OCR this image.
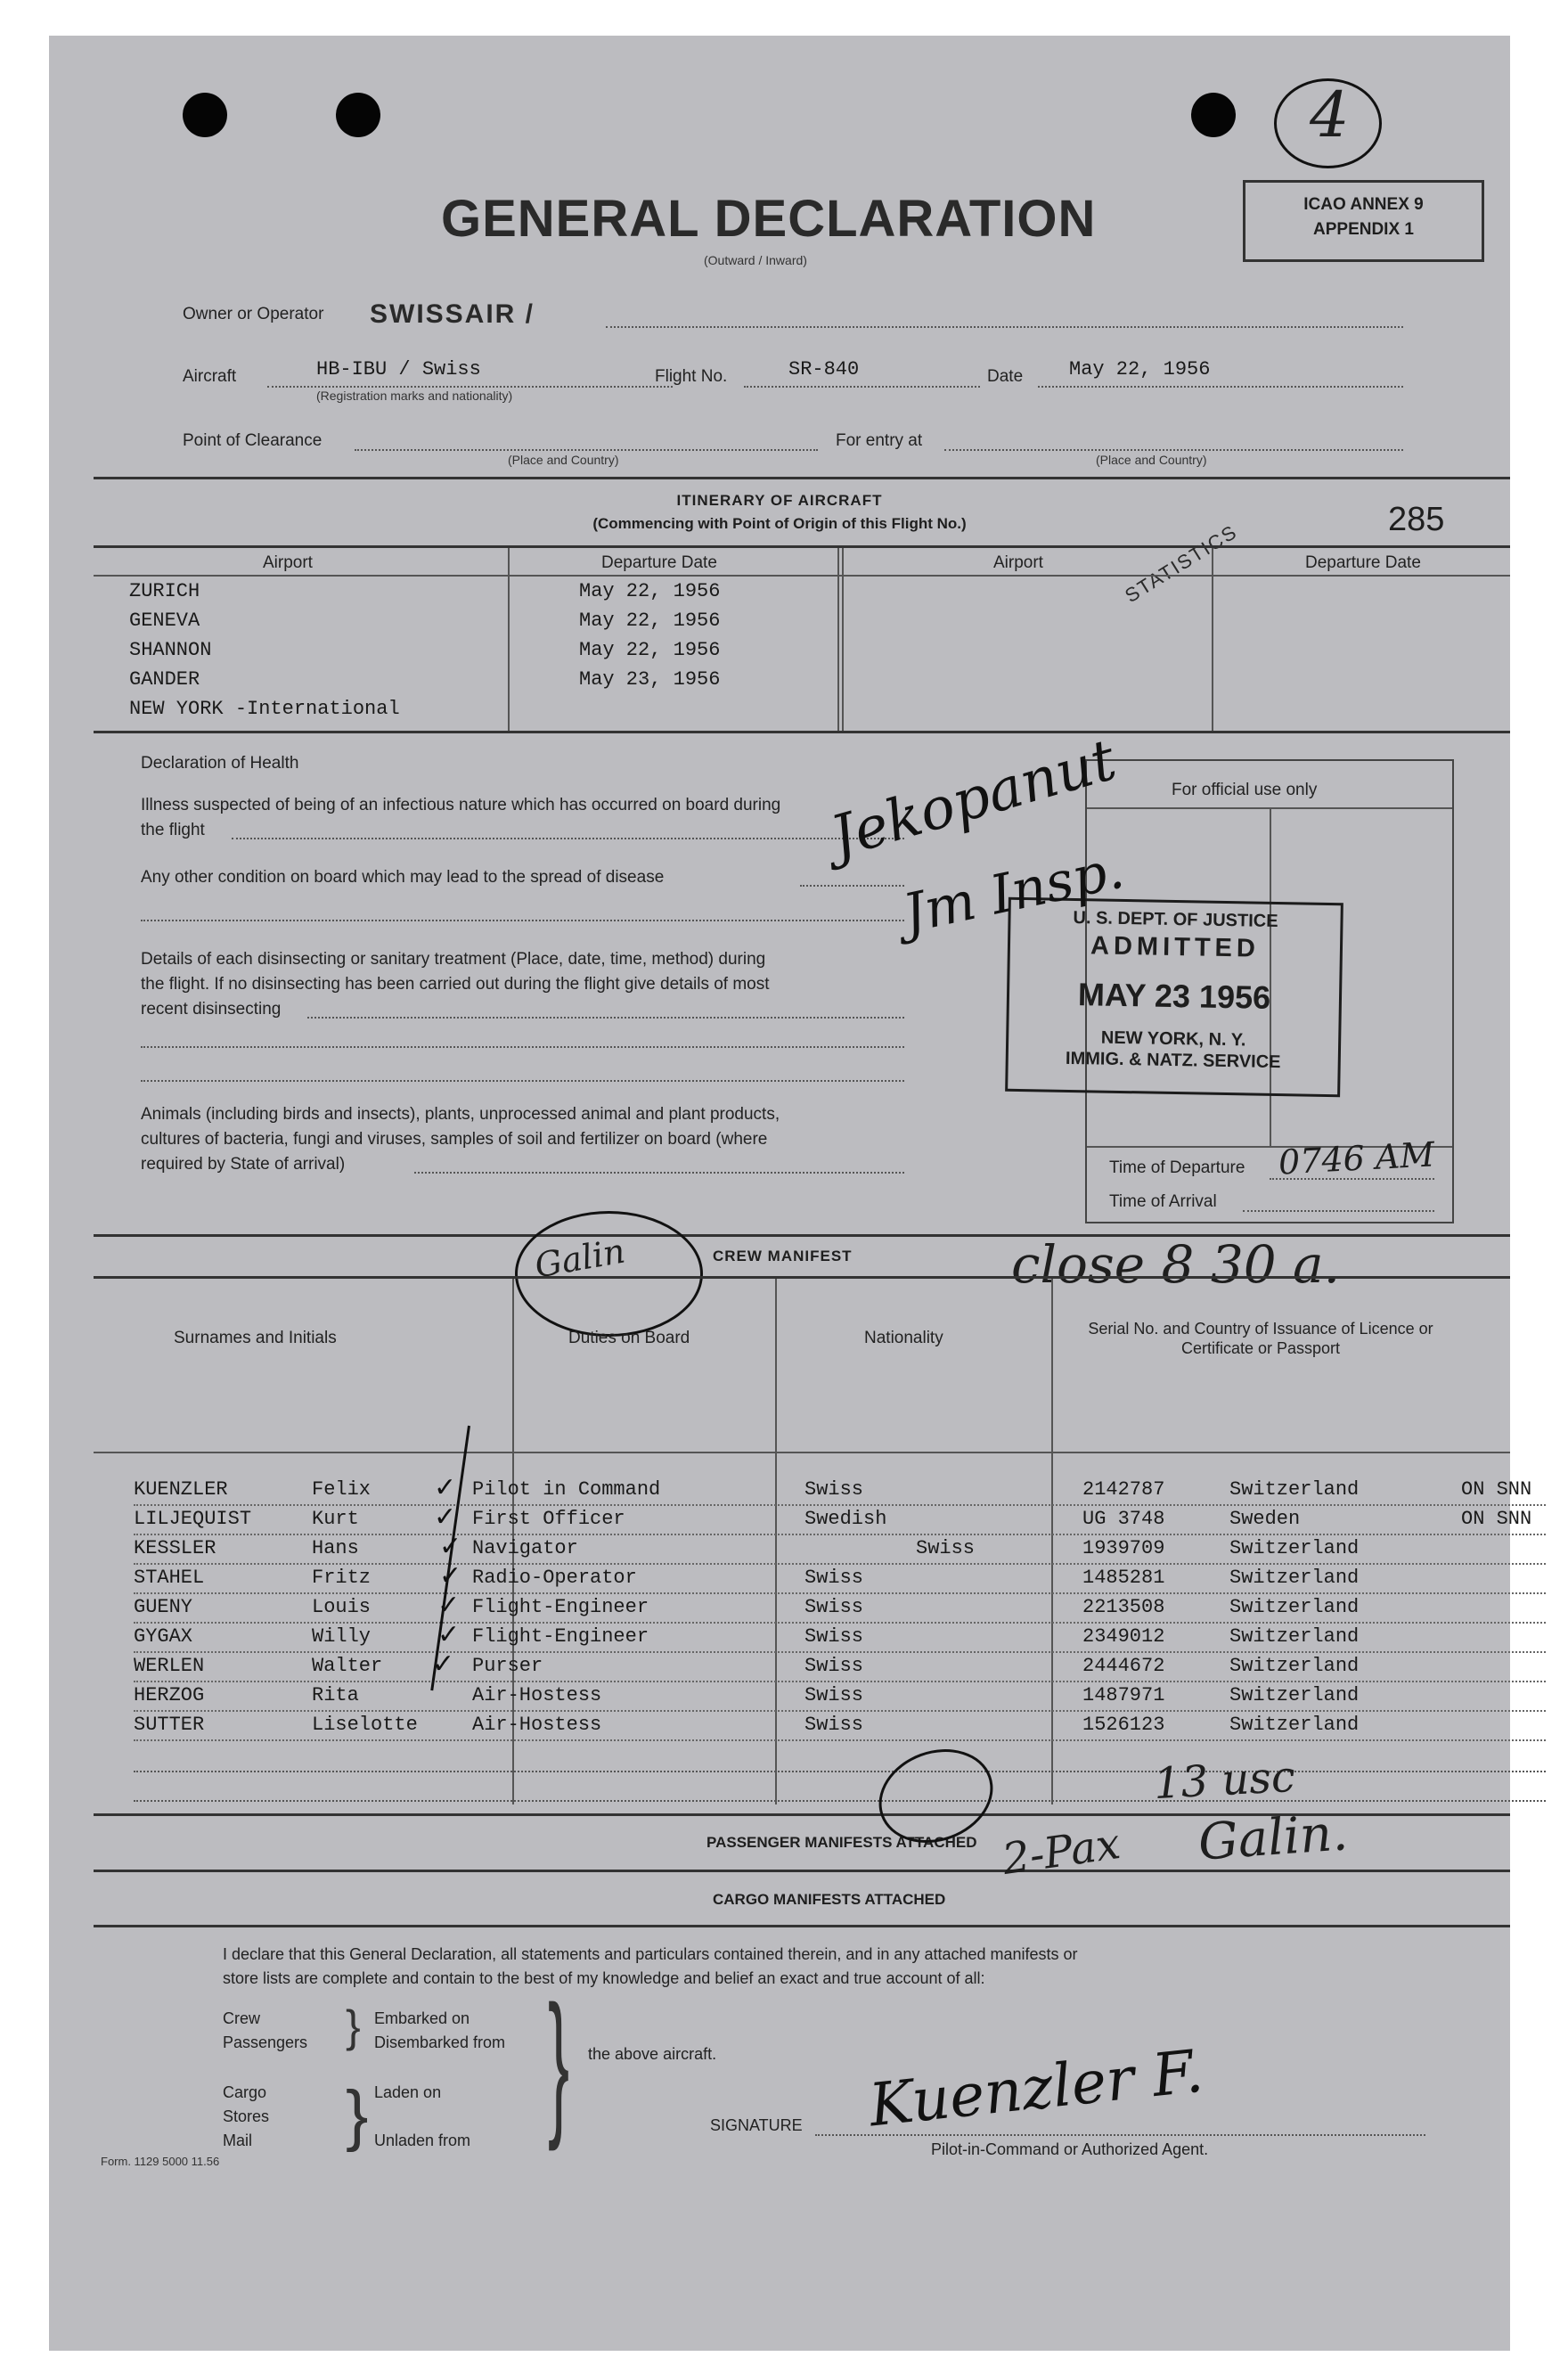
4
GENERAL DECLARATION
(Outward / Inward)
ICAO ANNEX 9
APPENDIX 1
Owner or Operator SWISSAIR /
Aircraft	HB-IBU / Swiss
(Registration marks and nationality)
Flight No.	SR-840	Date May 22, 1956
Point of Clearance
(Place and Country)
For entry at
(Place and Country)
ITINERARY OF AIRCRAFT
(Commencing with Point of Origin of this Flight No.)	285
STATISTICS
Airport	Departure Date	Airport	Departure Date
ZURICH	May 22, 1956
GENEVA	May 22, 1956
SHANNON	May 22, 1956
GANDER	May 23, 1956
NEW YORK -International
Declaration of Health
Illness suspected of being of an infectious nature which has occurred on board during
the flight
Any other condition on board which may lead to the spread of disease
Details of each disinsecting or sanitary treatment (Place, date, time, method) during
the flight. If no disinsecting has been carried out during the flight give details of most
recent disinsecting
Animals (including birds and insects), plants, unprocessed animal and plant products,
cultures of bacteria, fungi and viruses, samples of soil and fertilizer on board (where
required by State of arrival)
For official use only
Time of Departure
Time of Arrival
0746 AM
U. S. DEPT. OF JUSTICE
ADMITTED
MAY 23 1956
NEW YORK, N. Y.
IMMIG. & NATZ. SERVICE
Jekopanut
Jm Insp.
Galin	CREW MANIFEST	close 8 30 a.
Surnames and Initials	Duties on Board	Nationality	Serial No. and Country of Issuance of Licence or Certificate or Passport
KUENZLER	Felix	Pilot in Command	Swiss	2142787	Switzerland	ON SNN
LILJEQUIST	Kurt	First Officer	Swedish	UG 3748	Sweden	ON SNN
KESSLER	Hans	Navigator	Swiss	1939709	Switzerland
STAHEL	Fritz	Radio-Operator	Swiss	1485281	Switzerland
GUENY	Louis	Flight-Engineer	Swiss	2213508	Switzerland
GYGAX	Willy	Flight-Engineer	Swiss	2349012	Switzerland
WERLEN	Walter	Purser	Swiss	2444672	Switzerland
HERZOG	Rita	Air-Hostess	Swiss	1487971	Switzerland
SUTTER	Liselotte	Air-Hostess	Swiss	1526123	Switzerland
✓
✓
✓
✓
✓
✓
✓
PASSENGER MANIFESTS ATTACHED
CARGO MANIFESTS ATTACHED
13 usc
Galin.
2-Pax
I declare that this General Declaration, all statements and particulars contained therein, and in any attached manifests or
store lists are complete and contain to the best of my knowledge and belief an exact and true account of all:
Crew
Passengers } Embarked on
Disembarked from
Cargo
Stores
Mail } Laden on
Unladen from } the above aircraft.
SIGNATURE Kuenzler F.
Pilot-in-Command or Authorized Agent.
Form. 1129 5000 11.56
